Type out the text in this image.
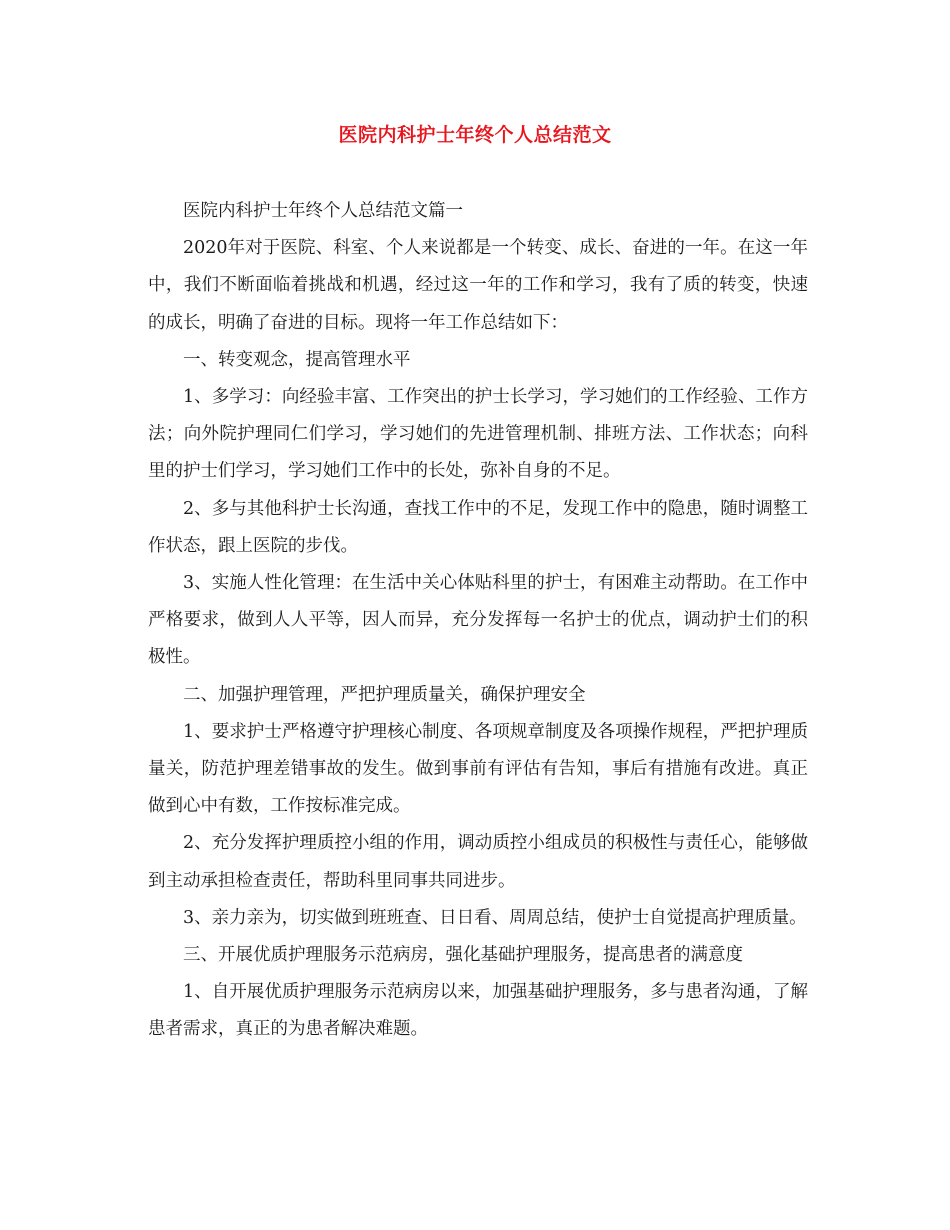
医院内科护士年终个人总结范文

医院内科护士年终个人总结范文篇一

2020年对于医院、科室、个人来说都是一个转变、成长、奋进的一年。在这一年中，我们不断面临着挑战和机遇，经过这一年的工作和学习，我有了质的转变，快速的成长，明确了奋进的目标。现将一年工作总结如下：

一、转变观念，提高管理水平

1、多学习：向经验丰富、工作突出的护士长学习，学习她们的工作经验、工作方法；向外院护理同仁们学习，学习她们的先进管理机制、排班方法、工作状态；向科里的护士们学习，学习她们工作中的长处，弥补自身的不足。

2、多与其他科护士长沟通，查找工作中的不足，发现工作中的隐患，随时调整工作状态，跟上医院的步伐。

3、实施人性化管理：在生活中关心体贴科里的护士，有困难主动帮助。在工作中严格要求，做到人人平等，因人而异，充分发挥每一名护士的优点，调动护士们的积极性。

二、加强护理管理，严把护理质量关，确保护理安全

1、要求护士严格遵守护理核心制度、各项规章制度及各项操作规程，严把护理质量关，防范护理差错事故的发生。做到事前有评估有告知，事后有措施有改进。真正做到心中有数，工作按标准完成。

2、充分发挥护理质控小组的作用，调动质控小组成员的积极性与责任心，能够做到主动承担检查责任，帮助科里同事共同进步。

3、亲力亲为，切实做到班班查、日日看、周周总结，使护士自觉提高护理质量。

三、开展优质护理服务示范病房，强化基础护理服务，提高患者的满意度

1、自开展优质护理服务示范病房以来，加强基础护理服务，多与患者沟通，了解患者需求，真正的为患者解决难题。
